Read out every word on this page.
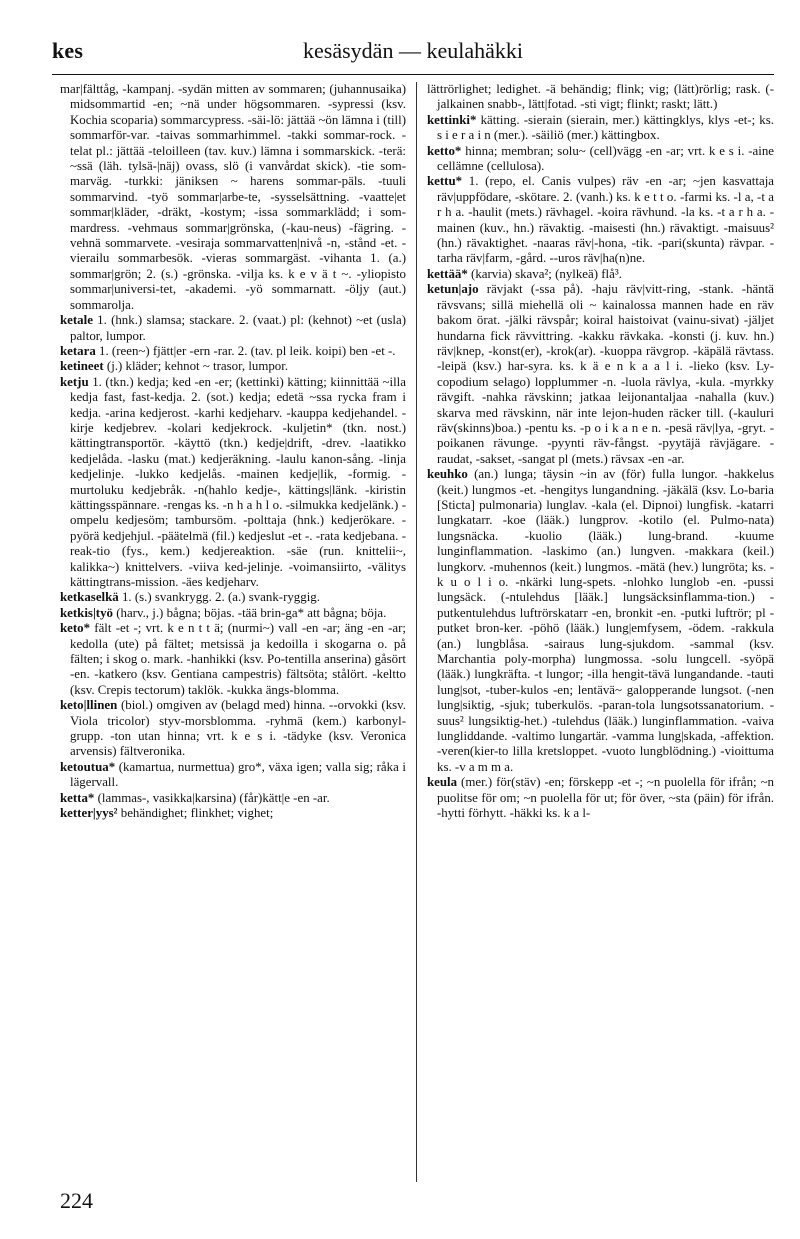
kes	kesäsydän — keulahäkki

mar|fälttåg, -kampanj. -sydän mitten av sommaren; (juhannusaika) midsommartid -en; ~nä under högsommaren. -sypressi (ksv. Kochia scoparia) sommarcypress. -säi-lö: jättää ~ön lämna i (till) sommarför-var. -taivas sommarhimmel. -takki sommar-rock. -telat pl.: jättää -teloilleen (tav. kuv.) lämna i sommarskick. -terä: ~ssä (läh. tylsä-|näj) ovass, slö (i vanvårdat skick). -tie som-marväg. -turkki: jäniksen ~ harens sommar-päls. -tuuli sommarvind. -työ sommar|arbe-te, -sysselsättning. -vaatte|et sommar|kläder, -dräkt, -kostym; -issa sommarklädd; i som-mardress. -vehmaus sommar|grönska, (-kau-neus) -fägring. -vehnä sommarvete. -vesiraja sommarvatten|nivå -n, -stånd -et. -vierailu sommarbesök. -vieras sommargäst. -vihanta 1. (a.) sommar|grön; 2. (s.) -grönska. -vilja ks. k e v ä t ~. -yliopisto sommar|universi-tet, -akademi. -yö sommarnatt. -öljy (aut.) sommarolja.

ketale 1. (hnk.) slamsa; stackare. 2. (vaat.) pl: (kehnot) ~et (usla) paltor, lumpor.

ketara 1. (reen~) fjätt|er -ern -rar. 2. (tav. pl leik. koipi) ben -et -.

ketineet (j.) kläder; kehnot ~ trasor, lumpor.

ketju 1. (tkn.) kedja; ked -en -er; (kettinki) kätting; kiinnittää ~illa kedja fast, fast-kedja. 2. (sot.) kedja; edetä ~ssa rycka fram i kedja. -arina kedjerost. -karhi kedjeharv. -kauppa kedjehandel. -kirje kedjebrev. -kolari kedjekrock. -kuljetin* (tkn. nost.) kättingtransportör. -käyttö (tkn.) kedje|drift, -drev. -laatikko kedjelåda. -lasku (mat.) kedjeräkning. -laulu kanon-sång. -linja kedjelinje. -lukko kedjelås. -mainen kedje|lik, -formig. -murtoluku kedjebråk. -n(hahlo kedje-, kättings|länk. -kiristin kättingsspännare. -rengas ks. -n h a h l o. -silmukka kedjelänk.) -ompelu kedjesöm; tambursöm. -polttaja (hnk.) kedjerökare. -pyörä kedjehjul. -päätelmä (fil.) kedjeslut -et -. -rata kedjebana. -reak-tio (fys., kem.) kedjereaktion. -säe (run. knittelii~, kalikka~) knittelvers. -viiva ked-jelinje. -voimansiirto, -välitys kättingtrans-mission. -äes kedjeharv.

ketkaselkä 1. (s.) svankrygg. 2. (a.) svank-ryggig.

ketkis|työ (harv., j.) bågna; böjas. -tää brin-ga* att bågna; böja.

keto* fält -et -; vrt. k e n t t ä; (nurmi~) vall -en -ar; äng -en -ar; kedolla (ute) på fältet; metsissä ja kedoilla i skogarna o. på fälten; i skog o. mark. -hanhikki (ksv. Po-tentilla anserina) gåsört -en. -katkero (ksv. Gentiana campestris) fältsöta; stålört. -keltto (ksv. Crepis tectorum) taklök. -kukka ängs-blomma.

keto|llinen (biol.) omgiven av (belagd med) hinna. --orvokki (ksv. Viola tricolor) styv-morsblomma. -ryhmä (kem.) karbonyl-grupp. -ton utan hinna; vrt. k e s i. -tädyke (ksv. Veronica arvensis) fältveronika.

ketoutua* (kamartua, nurmettua) gro*, växa igen; valla sig; råka i lägervall.

ketta* (lammas-, vasikka|karsina) (får)kätt|e -en -ar.

ketter|yys² behändighet; flinkhet; vighet;

lättrörlighet; ledighet. -ä behändig; flink; vig; (lätt)rörlig; rask. (-jalkainen snabb-, lätt|fotad. -sti vigt; flinkt; raskt; lätt.)

kettinki* kätting. -sierain (sierain, mer.) kättingklys, klys -et-; ks. s i e r a i n (mer.). -säiliö (mer.) kättingbox.

ketto* hinna; membran; solu~ (cell)vägg -en -ar; vrt. k e s i. -aine cellämne (cellulosa).

kettu* 1. (repo, el. Canis vulpes) räv -en -ar; ~jen kasvattaja räv|uppfödare, -skötare. 2. (vanh.) ks. k e t t o. -farmi ks. -l a, -t a r h a. -haulit (mets.) rävhagel. -koira rävhund. -la ks. -t a r h a. -mainen (kuv., hn.) rävaktig. -maisesti (hn.) rävaktigt. -maisuus² (hn.) rävaktighet. -naaras räv|-hona, -tik. -pari(skunta) rävpar. -tarha räv|farm, -gård. --uros räv|ha(n)ne.

kettää* (karvia) skava²; (nylkeä) flå³.

ketun|ajo rävjakt (-ssa på). -haju räv|vitt-ring, -stank. -häntä rävsvans; sillä miehellä oli ~ kainalossa mannen hade en räv bakom örat. -jälki rävspår; koiral haistoivat (vainu-sivat) -jäljet hundarna fick rävvittring. -kakku rävkaka. -konsti (j. kuv. hn.) räv|knep, -konst(er), -krok(ar). -kuoppa rävgrop. -käpälä rävtass. -leipä (ksv.) har-syra. ks. k ä e n k a a l i. -lieko (ksv. Ly-copodium selago) lopplummer -n. -luola rävlya, -kula. -myrkky rävgift. -nahka rävskinn; jatkaa leijonantaljaa -nahalla (kuv.) skarva med rävskinn, när inte lejon-huden räcker till. (-kauluri räv(skinns)boa.) -pentu ks. -p o i k a n e n. -pesä räv|lya, -gryt. -poikanen rävunge. -pyynti räv-fångst. -pyytäjä rävjägare. -raudat, -sakset, -sangat pl (mets.) rävsax -en -ar.

keuhko (an.) lunga; täysin ~in av (för) fulla lungor. -hakkelus (keit.) lungmos -et. -hengitys lungandning. -jäkälä (ksv. Lo-baria [Sticta] pulmonaria) lunglav. -kala (el. Dipnoi) lungfisk. -katarri lungkatarr. -koe (lääk.) lungprov. -kotilo (el. Pulmo-nata) lungsnäcka. -kuolio (lääk.) lung-brand. -kuume lunginflammation. -laskimo (an.) lungven. -makkara (keil.) lungkorv. -muhennos (keit.) lungmos. -mätä (hev.) lungröta; ks. -k u o l i o. -nkärki lung-spets. -nlohko lunglob -en. -pussi lungsäck. (-ntulehdus [lääk.] lungsäcksinflamma-tion.) -putkentulehdus luftrörskatarr -en, bronkit -en. -putki luftrör; pl -putket bron-ker. -pöhö (lääk.) lung|emfysem, -ödem. -rakkula (an.) lungblåsa. -sairaus lung-sjukdom. -sammal (ksv. Marchantia poly-morpha) lungmossa. -solu lungcell. -syöpä (lääk.) lungkräfta. -t lungor; -illa hengit-tävä lungandande. -tauti lung|sot, -tuber-kulos -en; lentävä~ galopperande lungsot. (-nen lung|siktig, -sjuk; tuberkulös. -paran-tola lungsotssanatorium. -suus² lungsiktig-het.) -tulehdus (lääk.) lunginflammation. -vaiva lungliddande. -valtimo lungartär. -vamma lung|skada, -affektion. -veren(kier-to lilla kretsloppet. -vuoto lungblödning.) -vioittuma ks. -v a m m a.

keula (mer.) för(stäv) -en; förskepp -et -; ~n puolella för ifrån; ~n puolitse för om; ~n puolella för ut; för över, ~sta (päin) för ifrån. -hytti förhytt. -häkki ks. k a l-

224
